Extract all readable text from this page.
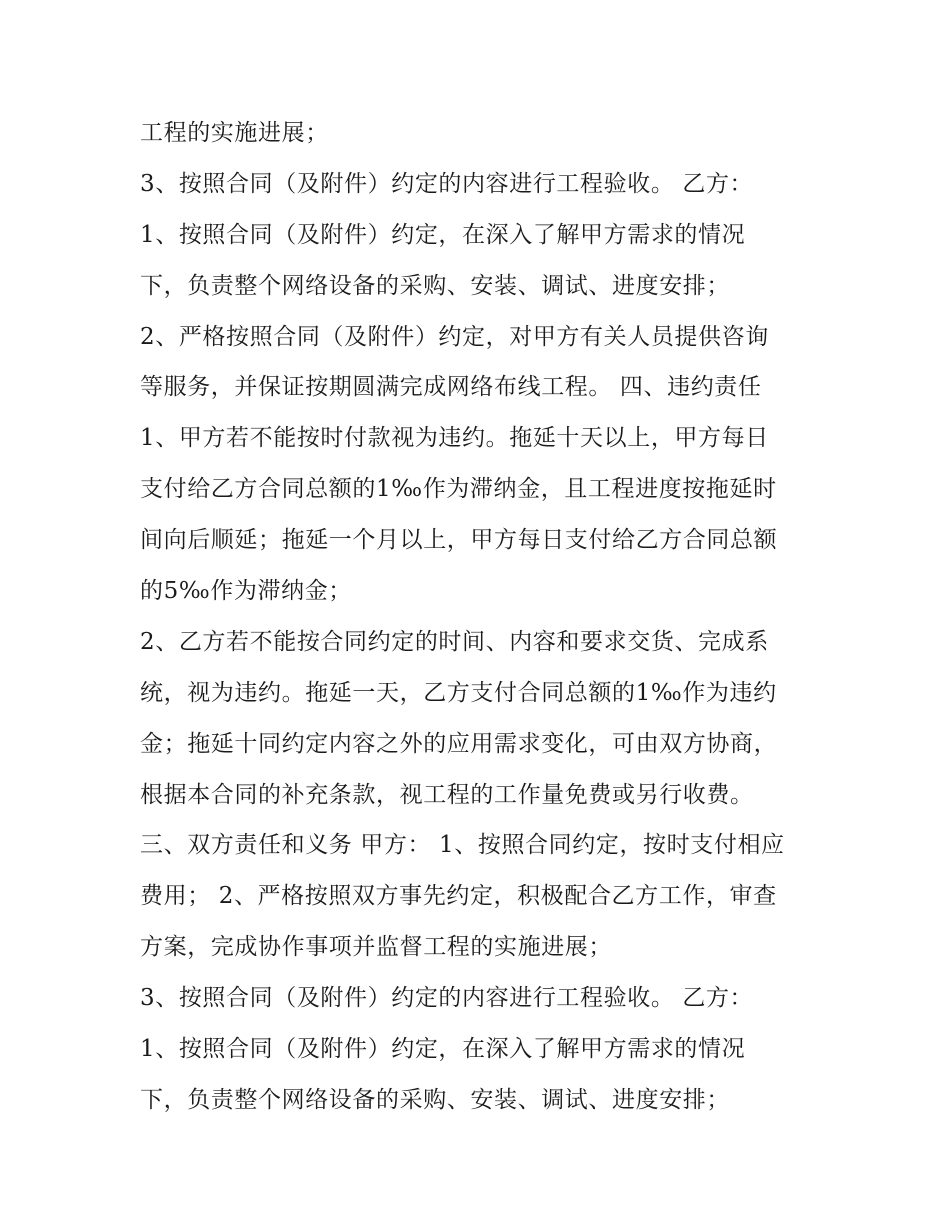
工程的实施进展；
3、按照合同（及附件）约定的内容进行工程验收。 乙方：
1、按照合同（及附件）约定，在深入了解甲方需求的情况
下，负责整个网络设备的采购、安装、调试、进度安排；
2、严格按照合同（及附件）约定，对甲方有关人员提供咨询
等服务，并保证按期圆满完成网络布线工程。 四、违约责任
1、甲方若不能按时付款视为违约。拖延十天以上，甲方每日
支付给乙方合同总额的1‰作为滞纳金，且工程进度按拖延时
间向后顺延；拖延一个月以上，甲方每日支付给乙方合同总额
的5‰作为滞纳金；
2、乙方若不能按合同约定的时间、内容和要求交货、完成系
统，视为违约。拖延一天，乙方支付合同总额的1‰作为违约
金；拖延十同约定内容之外的应用需求变化，可由双方协商，
根据本合同的补充条款，视工程的工作量免费或另行收费。
三、双方责任和义务 甲方： 1、按照合同约定，按时支付相应
费用； 2、严格按照双方事先约定，积极配合乙方工作，审查
方案，完成协作事项并监督工程的实施进展；
3、按照合同（及附件）约定的内容进行工程验收。 乙方：
1、按照合同（及附件）约定，在深入了解甲方需求的情况
下，负责整个网络设备的采购、安装、调试、进度安排；
